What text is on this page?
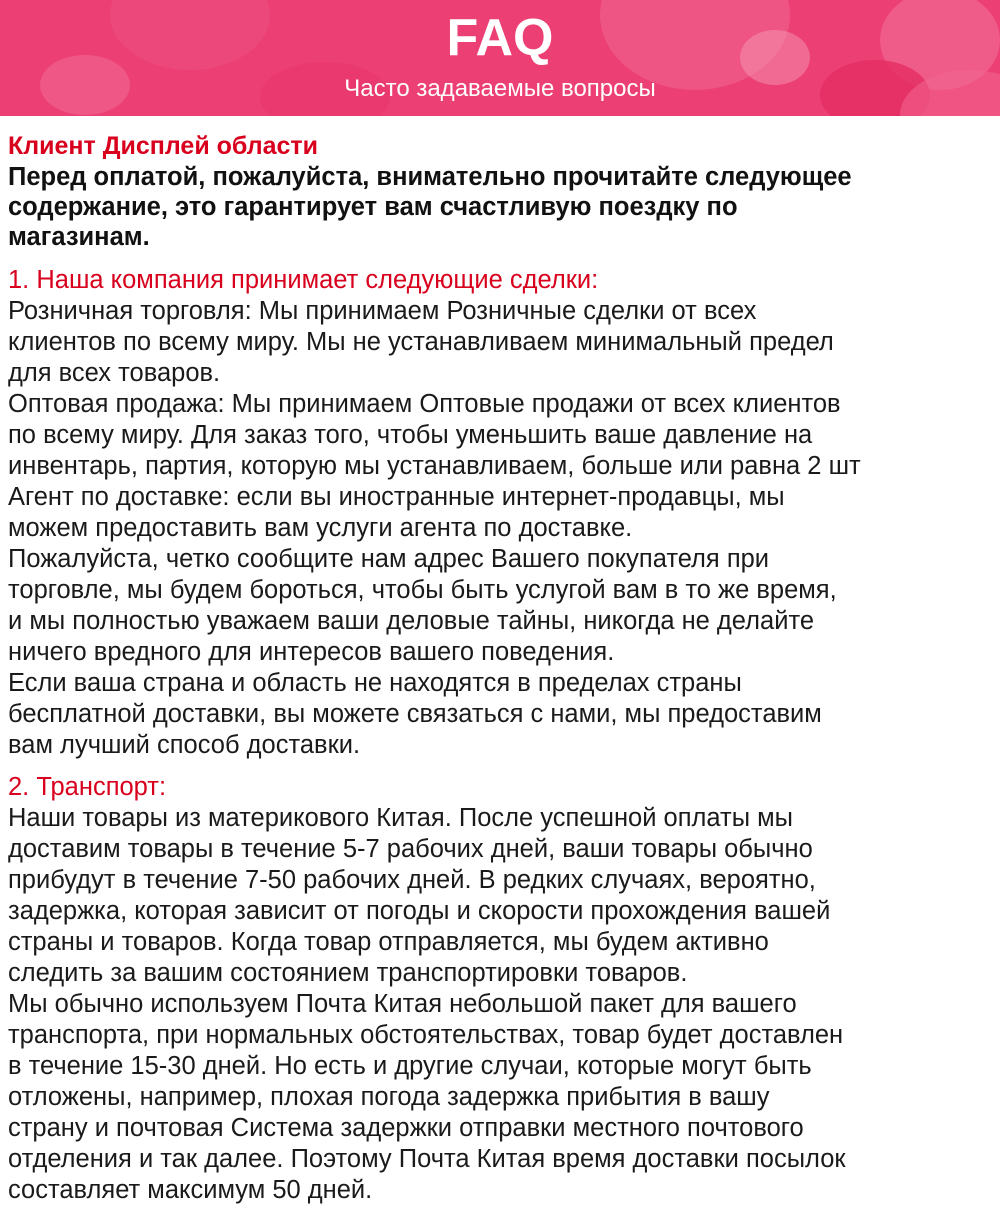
FAQ
Часто задаваемые вопросы
Клиент Дисплей области
Перед оплатой, пожалуйста, внимательно прочитайте следующее
содержание, это гарантирует вам счастливую поездку по
магазинам.
1. Наша компания принимает следующие сделки:
Розничная торговля: Мы принимаем Розничные сделки от всех
клиентов по всему миру. Мы не устанавливаем минимальный предел
для всех товаров.
Оптовая продажа: Мы принимаем Оптовые продажи от всех клиентов
по всему миру. Для заказ того, чтобы уменьшить ваше давление на
инвентарь, партия, которую мы устанавливаем, больше или равна 2 шт
Агент по доставке: если вы иностранные интернет-продавцы, мы
можем предоставить вам услуги агента по доставке.
Пожалуйста, четко сообщите нам адрес Вашего покупателя при
торговле, мы будем бороться, чтобы быть услугой вам в то же время,
и мы полностью уважаем ваши деловые тайны, никогда не делайте
ничего вредного для интересов вашего поведения.
Если ваша страна и область не находятся в пределах страны
бесплатной доставки, вы можете связаться с нами, мы предоставим
вам лучший способ доставки.
2. Транспорт:
Наши товары из материкового Китая. После успешной оплаты мы
доставим товары в течение 5-7 рабочих дней, ваши товары обычно
прибудут в течение 7-50 рабочих дней. В редких случаях, вероятно,
задержка, которая зависит от погоды и скорости прохождения вашей
страны и товаров. Когда товар отправляется, мы будем активно
следить за вашим состоянием транспортировки товаров.
Мы обычно используем Почта Китая небольшой пакет для вашего
транспорта, при нормальных обстоятельствах, товар будет доставлен
в течение 15-30 дней. Но есть и другие случаи, которые могут быть
отложены, например, плохая погода задержка прибытия в вашу
страну и почтовая Система задержки отправки местного почтового
отделения и так далее. Поэтому Почта Китая время доставки посылок
составляет максимум 50 дней.
